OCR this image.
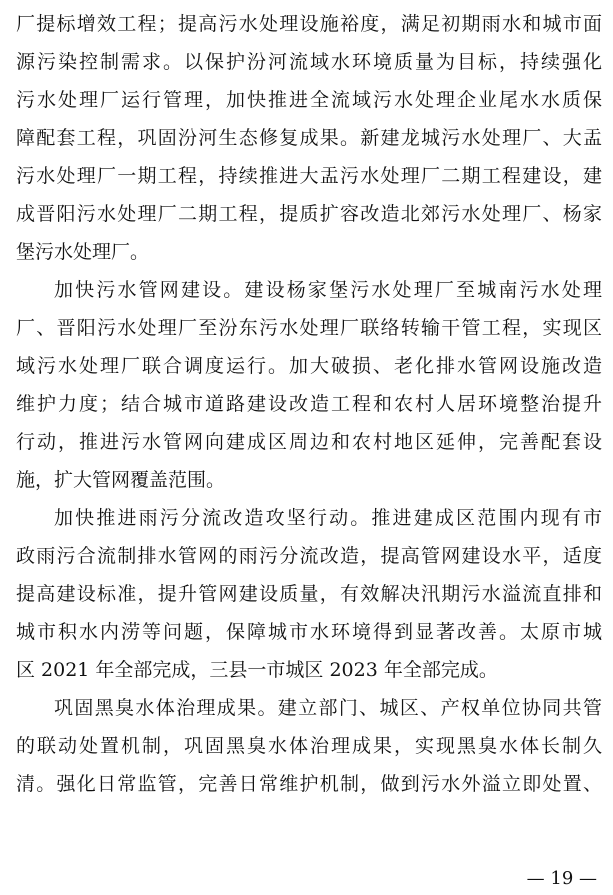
厂提标增效工程；提高污水处理设施裕度，满足初期雨水和城市面
源污染控制需求。以保护汾河流域水环境质量为目标，持续强化
污水处理厂运行管理，加快推进全流域污水处理企业尾水水质保
障配套工程，巩固汾河生态修复成果。新建龙城污水处理厂、大盂
污水处理厂一期工程，持续推进大盂污水处理厂二期工程建设，建
成晋阳污水处理厂二期工程，提质扩容改造北郊污水处理厂、杨家
堡污水处理厂。
加快污水管网建设。建设杨家堡污水处理厂至城南污水处理
厂、晋阳污水处理厂至汾东污水处理厂联络转输干管工程，实现区
域污水处理厂联合调度运行。加大破损、老化排水管网设施改造
维护力度；结合城市道路建设改造工程和农村人居环境整治提升
行动，推进污水管网向建成区周边和农村地区延伸，完善配套设
施，扩大管网覆盖范围。
加快推进雨污分流改造攻坚行动。推进建成区范围内现有市
政雨污合流制排水管网的雨污分流改造，提高管网建设水平，适度
提高建设标准，提升管网建设质量，有效解决汛期污水溢流直排和
城市积水内涝等问题，保障城市水环境得到显著改善。太原市城
区 2021 年全部完成，三县一市城区 2023 年全部完成。
巩固黑臭水体治理成果。建立部门、城区、产权单位协同共管
的联动处置机制，巩固黑臭水体治理成果，实现黑臭水体长制久
清。强化日常监管，完善日常维护机制，做到污水外溢立即处置、
— 19 —
